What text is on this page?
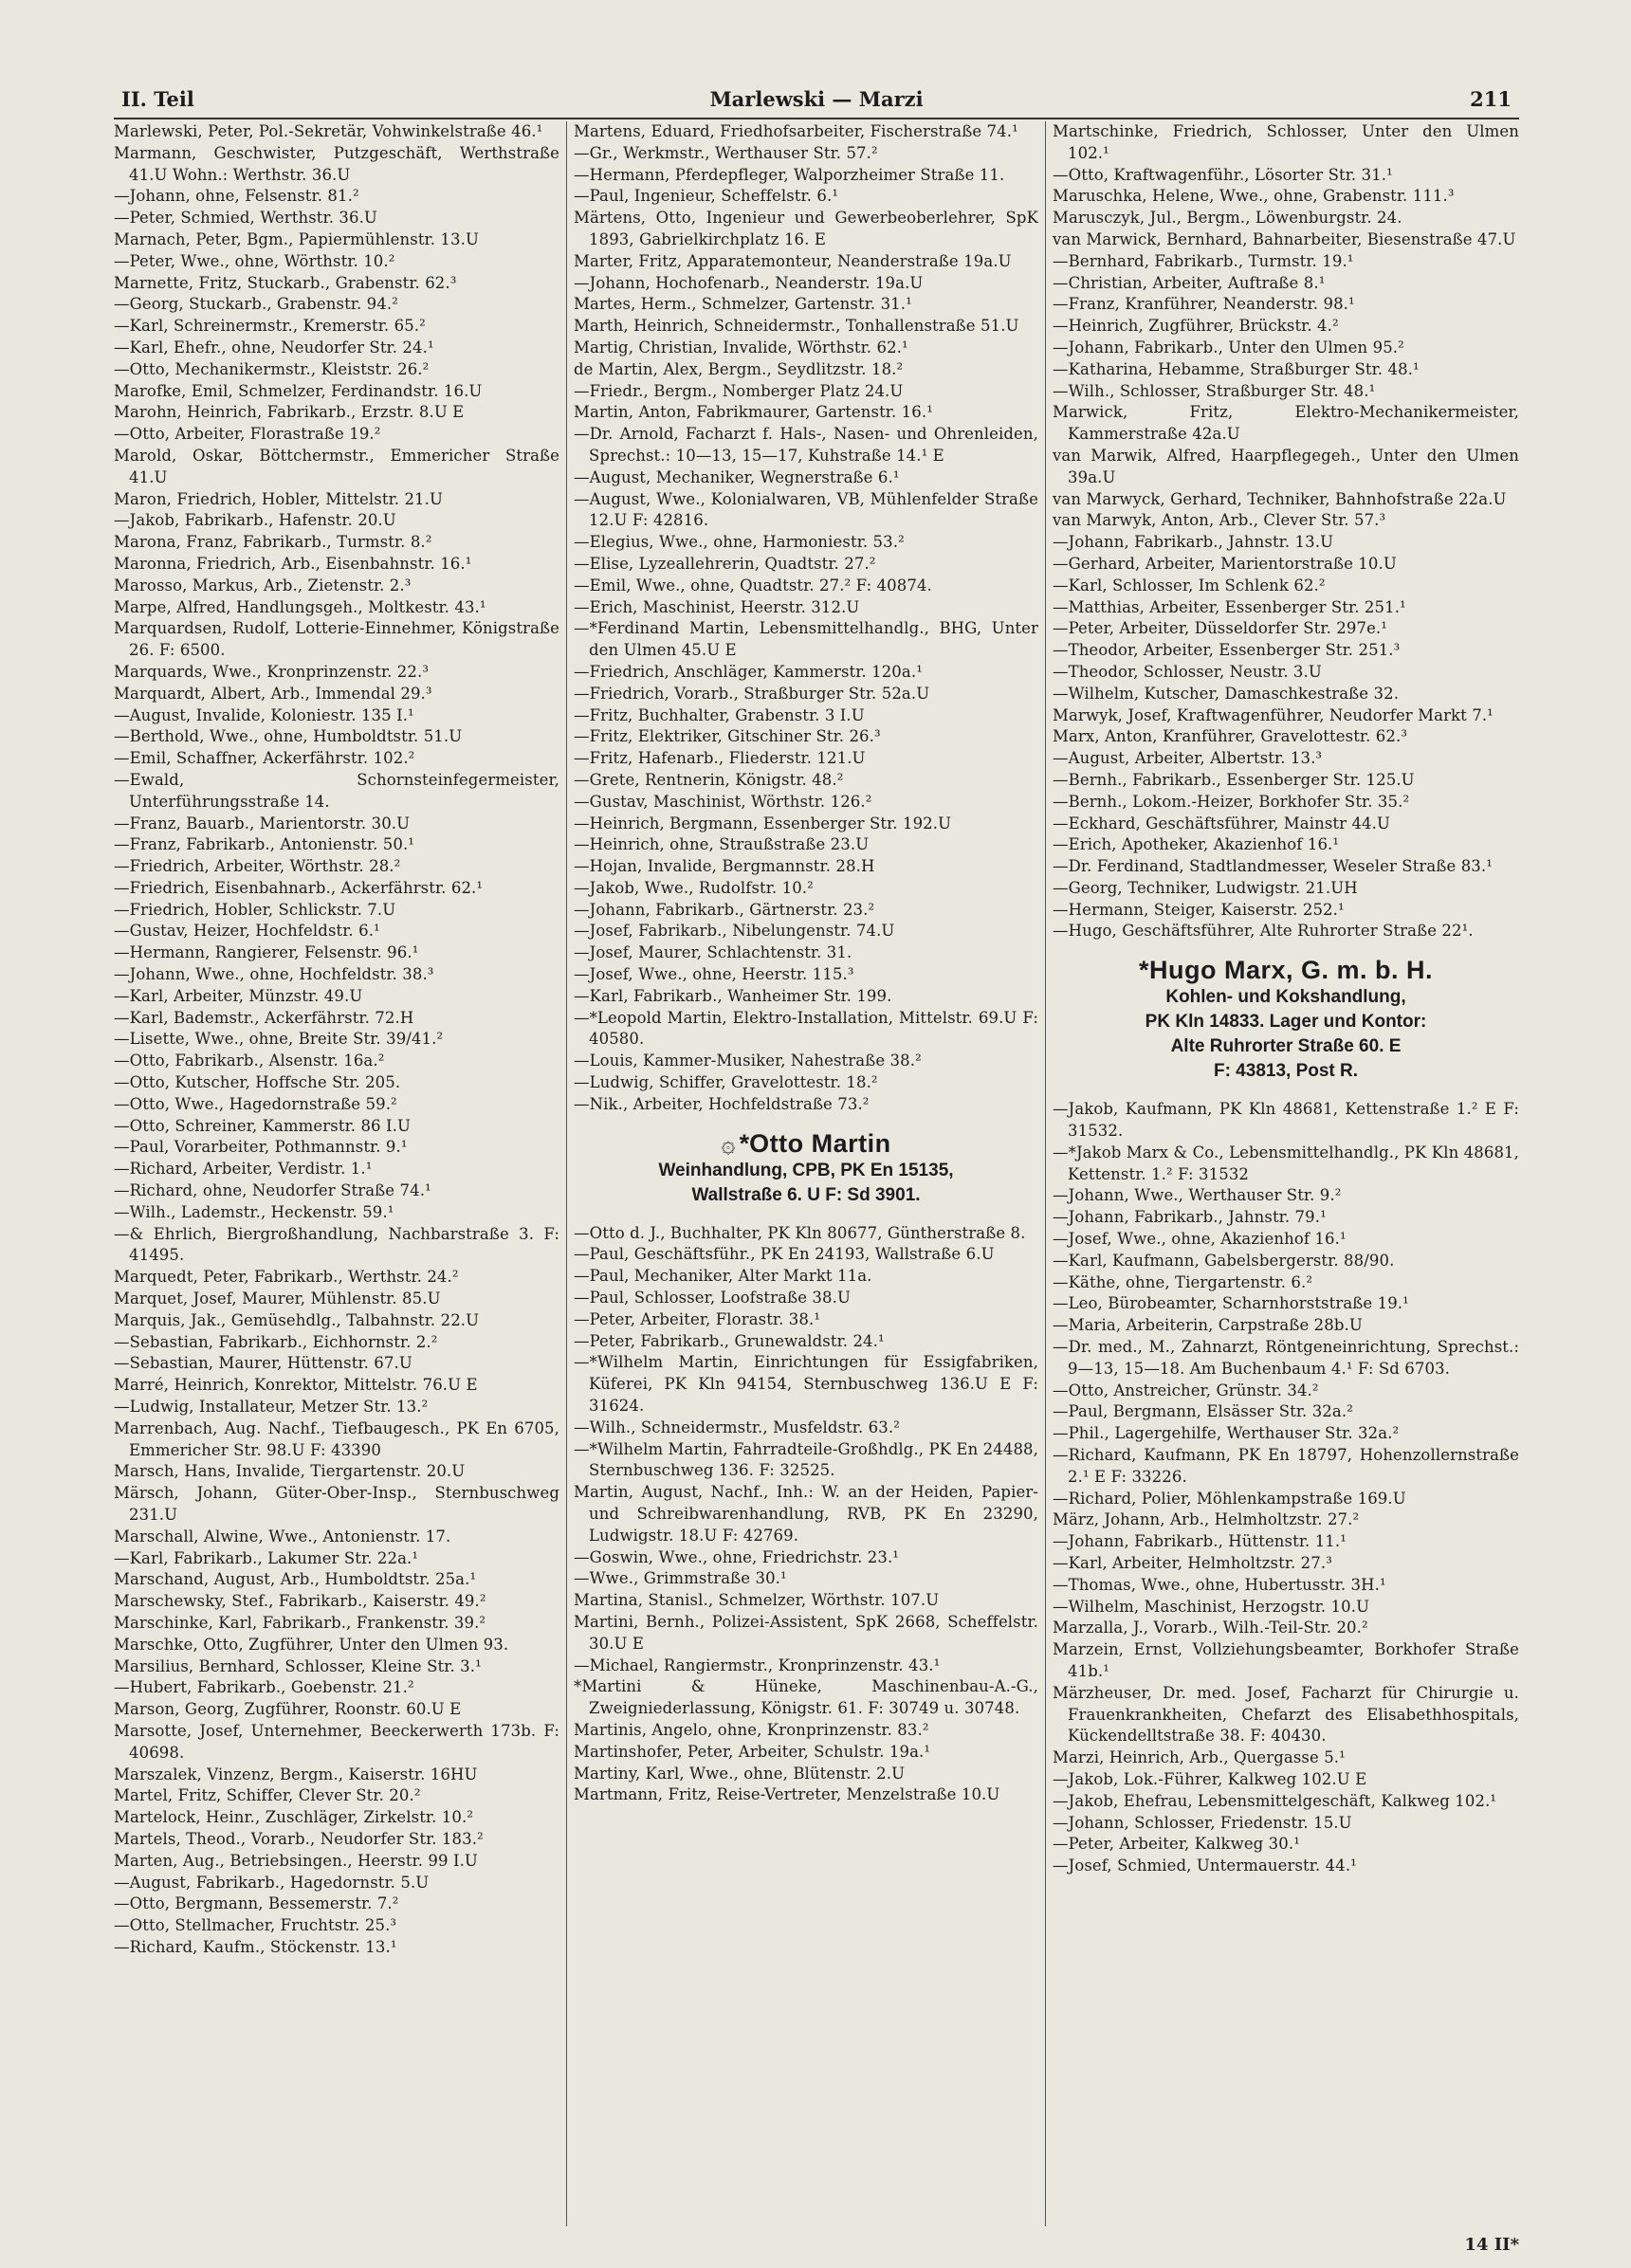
II. Teil	Marlewski — Marzi	211
Marlewski, Peter, Pol.-Sekretär, Vohwinkelstraße 46.¹
Marmann, Geschwister, Putzgeschäft, Werthstraße 41.U Wohn.: Werthstr. 36.U
—Johann, ohne, Felsenstr. 81.²
—Peter, Schmied, Werthstr. 36.U
Marnach, Peter, Bgm., Papiermühlenstr. 13.U
—Peter, Wwe., ohne, Wörthstr. 10.²
Marnette, Fritz, Stuckarb., Grabenstr. 62.³
—Georg, Stuckarb., Grabenstr. 94.²
—Karl, Schreinermstr., Kremerstr. 65.²
—Karl, Ehefr., ohne, Neudorfer Str. 24.¹
—Otto, Mechanikermstr., Kleiststr. 26.²
Marofke, Emil, Schmelzer, Ferdinandstr. 16.U
Marohn, Heinrich, Fabrikarb., Erzstr. 8.U E
—Otto, Arbeiter, Florastraße 19.²
Marold, Oskar, Böttchermstr., Emmericher Straße 41.U
Maron, Friedrich, Hobler, Mittelstr. 21.U
—Jakob, Fabrikarb., Hafenstr. 20.U
Marona, Franz, Fabrikarb., Turmstr. 8.²
Maronna, Friedrich, Arb., Eisenbahnstr. 16.¹
Marosso, Markus, Arb., Zietenstr. 2.³
Marpe, Alfred, Handlungsgeh., Moltkestr. 43.¹
Marquardsen, Rudolf, Lotterie-Einnehmer, Königstraße 26. F: 6500.
Marquards, Wwe., Kronprinzenstr. 22.³
Marquardt, Albert, Arb., Immendal 29.³
—August, Invalide, Koloniestr. 135 I.¹
—Berthold, Wwe., ohne, Humboldtstr. 51.U
—Emil, Schaffner, Ackerfährstr. 102.²
—Ewald, Schornsteinfegermeister, Unterführungsstraße 14.
—Franz, Bauarb., Marientorstr. 30.U
—Franz, Fabrikarb., Antonienstr. 50.¹
—Friedrich, Arbeiter, Wörthstr. 28.²
—Friedrich, Eisenbahnarb., Ackerfährstr. 62.¹
—Friedrich, Hobler, Schlickstr. 7.U
—Gustav, Heizer, Hochfeldstr. 6.¹
—Hermann, Rangierer, Felsenstr. 96.¹
—Johann, Wwe., ohne, Hochfeldstr. 38.³
—Karl, Arbeiter, Münzstr. 49.U
—Karl, Bademstr., Ackerfährstr. 72.H
—Lisette, Wwe., ohne, Breite Str. 39/41.²
—Otto, Fabrikarb., Alsenstr. 16a.²
—Otto, Kutscher, Hoffsche Str. 205.
—Otto, Wwe., Hagedornstraße 59.²
—Otto, Schreiner, Kammerstr. 86 I.U
—Paul, Vorarbeiter, Pothmannstr. 9.¹
—Richard, Arbeiter, Verdistr. 1.¹
—Richard, ohne, Neudorfer Straße 74.¹
—Wilh., Lademstr., Heckenstr. 59.¹
—& Ehrlich, Biergroßhandlung, Nachbarstraße 3. F: 41495.
Marquedt, Peter, Fabrikarb., Werthstr. 24.²
Marquet, Josef, Maurer, Mühlenstr. 85.U
Marquis, Jak., Gemüsehdlg., Talbahnstr. 22.U
—Sebastian, Fabrikarb., Eichhornstr. 2.²
—Sebastian, Maurer, Hüttenstr. 67.U
Marré, Heinrich, Konrektor, Mittelstr. 76.U E
—Ludwig, Installateur, Metzer Str. 13.²
Marrenbach, Aug. Nachf., Tiefbaugesch., PK En 6705, Emmericher Str. 98.U F: 43390
Marsch, Hans, Invalide, Tiergartenstr. 20.U
Märsch, Johann, Güter-Ober-Insp., Sternbuschweg 231.U
Marschall, Alwine, Wwe., Antonienstr. 17.
—Karl, Fabrikarb., Lakumer Str. 22a.¹
Marschand, August, Arb., Humboldtstr. 25a.¹
Marschewsky, Stef., Fabrikarb., Kaiserstr. 49.²
Marschinke, Karl, Fabrikarb., Frankenstr. 39.²
Marschke, Otto, Zugführer, Unter den Ulmen 93.
Marsilius, Bernhard, Schlosser, Kleine Str. 3.¹
—Hubert, Fabrikarb., Goebenstr. 21.²
Marson, Georg, Zugführer, Roonstr. 60.U E
Marsotte, Josef, Unternehmer, Beeckerwerth 173b. F: 40698.
Marszalek, Vinzenz, Bergm., Kaiserstr. 16HU
Martel, Fritz, Schiffer, Clever Str. 20.²
Martelock, Heinr., Zuschläger, Zirkelstr. 10.²
Martels, Theod., Vorarb., Neudorfer Str. 183.²
Marten, Aug., Betriebsingen., Heerstr. 99 I.U
—August, Fabrikarb., Hagedornstr. 5.U
—Otto, Bergmann, Bessemerstr. 7.²
—Otto, Stellmacher, Fruchtstr. 25.³
—Richard, Kaufm., Stöckenstr. 13.¹
Martens, Eduard, Friedhofsarbeiter, Fischerstraße 74.¹
—Gr., Werkmstr., Werthauser Str. 57.²
—Hermann, Pferdepfleger, Walporzheimer Straße 11.
—Paul, Ingenieur, Scheffelstr. 6.¹
Märtens, Otto, Ingenieur und Gewerbeoberlehrer, SpK 1893, Gabrielkirchplatz 16. E
Marter, Fritz, Apparatemonteur, Neanderstraße 19a.U
—Johann, Hochofenarb., Neanderstr. 19a.U
Martes, Herm., Schmelzer, Gartenstr. 31.¹
Marth, Heinrich, Schneidermstr., Tonhallenstraße 51.U
Martig, Christian, Invalide, Wörthstr. 62.¹
de Martin, Alex, Bergm., Seydlitzstr. 18.²
—Friedr., Bergm., Nomberger Platz 24.U
Martin, Anton, Fabrikmaurer, Gartenstr. 16.¹
—Dr. Arnold, Facharzt f. Hals-, Nasen- und Ohrenleiden, Sprechst.: 10—13, 15—17, Kuhstraße 14.¹ E
—August, Mechaniker, Wegnerstraße 6.¹
—August, Wwe., Kolonialwaren, VB, Mühlenfelder Straße 12.U F: 42816.
—Elegius, Wwe., ohne, Harmoniestr. 53.²
—Elise, Lyzeallehrerin, Quadtstr. 27.²
—Emil, Wwe., ohne, Quadtstr. 27.² F: 40874.
—Erich, Maschinist, Heerstr. 312.U
—*Ferdinand Martin, Lebensmittelhandlg., BHG, Unter den Ulmen 45.U E
—Friedrich, Anschläger, Kammerstr. 120a.¹
—Friedrich, Vorarb., Straßburger Str. 52a.U
—Fritz, Buchhalter, Grabenstr. 3 I.U
—Fritz, Elektriker, Gitschiner Str. 26.³
—Fritz, Hafenarb., Fliederstr. 121.U
—Grete, Rentnerin, Königstr. 48.²
—Gustav, Maschinist, Wörthstr. 126.²
—Heinrich, Bergmann, Essenberger Str. 192.U
—Heinrich, ohne, Straußstraße 23.U
—Hojan, Invalide, Bergmannstr. 28.H
—Jakob, Wwe., Rudolfstr. 10.²
—Johann, Fabrikarb., Gärtnerstr. 23.²
—Josef, Fabrikarb., Nibelungenstr. 74.U
—Josef, Maurer, Schlachtenstr. 31.
—Josef, Wwe., ohne, Heerstr. 115.³
—Karl, Fabrikarb., Wanheimer Str. 199.
—*Leopold Martin, Elektro-Installation, Mittelstr. 69.U F: 40580.
—Louis, Kammer-Musiker, Nahestraße 38.²
—Ludwig, Schiffer, Gravelottestr. 18.²
—Nik., Arbeiter, Hochfeldstraße 73.²
۞ *Otto Martin
Weinhandlung, CPB, PK En 15135,
Wallstraße 6. U F: Sd 3901.
—Otto d. J., Buchhalter, PK Kln 80677, Güntherstraße 8.
—Paul, Geschäftsführ., PK En 24193, Wallstraße 6.U
—Paul, Mechaniker, Alter Markt 11a.
—Paul, Schlosser, Loofstraße 38.U
—Peter, Arbeiter, Florastr. 38.¹
—Peter, Fabrikarb., Grunewaldstr. 24.¹
—*Wilhelm Martin, Einrichtungen für Essigfabriken, Küferei, PK Kln 94154, Sternbuschweg 136.U E F: 31624.
—Wilh., Schneidermstr., Musfeldstr. 63.²
—*Wilhelm Martin, Fahrradteile-Großhdlg., PK En 24488, Sternbuschweg 136. F: 32525.
Martin, August, Nachf., Inh.: W. an der Heiden, Papier- und Schreibwarenhandlung, RVB, PK En 23290, Ludwigstr. 18.U F: 42769.
—Goswin, Wwe., ohne, Friedrichstr. 23.¹
—Wwe., Grimmstraße 30.¹
Martina, Stanisl., Schmelzer, Wörthstr. 107.U
Martini, Bernh., Polizei-Assistent, SpK 2668, Scheffelstr. 30.U E
—Michael, Rangiermstr., Kronprinzenstr. 43.¹
*Martini & Hüneke, Maschinenbau-A.-G., Zweigniederlassung, Königstr. 61. F: 30749 u. 30748.
Martinis, Angelo, ohne, Kronprinzenstr. 83.²
Martinshofer, Peter, Arbeiter, Schulstr. 19a.¹
Martiny, Karl, Wwe., ohne, Blütenstr. 2.U
Martmann, Fritz, Reise-Vertreter, Menzelstraße 10.U
Martschinke, Friedrich, Schlosser, Unter den Ulmen 102.¹
—Otto, Kraftwagenführ., Lösorter Str. 31.¹
Maruschka, Helene, Wwe., ohne, Grabenstr. 111.³
Marusczyk, Jul., Bergm., Löwenburgstr. 24.
van Marwick, Bernhard, Bahnarbeiter, Biesenstraße 47.U
—Bernhard, Fabrikarb., Turmstr. 19.¹
—Christian, Arbeiter, Auftraße 8.¹
—Franz, Kranführer, Neanderstr. 98.¹
—Heinrich, Zugführer, Brückstr. 4.²
—Johann, Fabrikarb., Unter den Ulmen 95.²
—Katharina, Hebamme, Straßburger Str. 48.¹
—Wilh., Schlosser, Straßburger Str. 48.¹
Marwick, Fritz, Elektro-Mechanikermeister, Kammerstraße 42a.U
van Marwik, Alfred, Haarpflegegeh., Unter den Ulmen 39a.U
van Marwyck, Gerhard, Techniker, Bahnhofstraße 22a.U
van Marwyk, Anton, Arb., Clever Str. 57.³
—Johann, Fabrikarb., Jahnstr. 13.U
—Gerhard, Arbeiter, Marientorstraße 10.U
—Karl, Schlosser, Im Schlenk 62.²
—Matthias, Arbeiter, Essenberger Str. 251.¹
—Peter, Arbeiter, Düsseldorfer Str. 297e.¹
—Theodor, Arbeiter, Essenberger Str. 251.³
—Theodor, Schlosser, Neustr. 3.U
—Wilhelm, Kutscher, Damaschkestraße 32.
Marwyk, Josef, Kraftwagenführer, Neudorfer Markt 7.¹
Marx, Anton, Kranführer, Gravelottestr. 62.³
—August, Arbeiter, Albertstr. 13.³
—Bernh., Fabrikarb., Essenberger Str. 125.U
—Bernh., Lokom.-Heizer, Borkhofer Str. 35.²
—Eckhard, Geschäftsführer, Mainstr 44.U
—Erich, Apotheker, Akazienhof 16.¹
—Dr. Ferdinand, Stadtlandmesser, Weseler Straße 83.¹
—Georg, Techniker, Ludwigstr. 21.UH
—Hermann, Steiger, Kaiserstr. 252.¹
—Hugo, Geschäftsführer, Alte Ruhrorter Straße 22¹.
*Hugo Marx, G. m. b. H.
Kohlen- und Kokshandlung,
PK Kln 14833. Lager und Kontor:
Alte Ruhrorter Straße 60. E
F: 43813, Post R.
—Jakob, Kaufmann, PK Kln 48681, Kettenstraße 1.² E F: 31532.
—*Jakob Marx & Co., Lebensmittelhandlg., PK Kln 48681, Kettenstr. 1.² F: 31532
—Johann, Wwe., Werthauser Str. 9.²
—Johann, Fabrikarb., Jahnstr. 79.¹
—Josef, Wwe., ohne, Akazienhof 16.¹
—Karl, Kaufmann, Gabelsbergerstr. 88/90.
—Käthe, ohne, Tiergartenstr. 6.²
—Leo, Bürobeamter, Scharnhorststraße 19.¹
—Maria, Arbeiterin, Carpstraße 28b.U
—Dr. med., M., Zahnarzt, Röntgeneinrichtung, Sprechst.: 9—13, 15—18. Am Buchenbaum 4.¹ F: Sd 6703.
—Otto, Anstreicher, Grünstr. 34.²
—Paul, Bergmann, Elsässer Str. 32a.²
—Phil., Lagergehilfe, Werthauser Str. 32a.²
—Richard, Kaufmann, PK En 18797, Hohenzollernstraße 2.¹ E F: 33226.
—Richard, Polier, Möhlenkampstraße 169.U
März, Johann, Arb., Helmholtzstr. 27.²
—Johann, Fabrikarb., Hüttenstr. 11.¹
—Karl, Arbeiter, Helmholtzstr. 27.³
—Thomas, Wwe., ohne, Hubertusstr. 3H.¹
—Wilhelm, Maschinist, Herzogstr. 10.U
Marzalla, J., Vorarb., Wilh.-Teil-Str. 20.²
Marzein, Ernst, Vollziehungsbeamter, Borkhofer Straße 41b.¹
Märzheuser, Dr. med. Josef, Facharzt für Chirurgie u. Frauenkrankheiten, Chefarzt des Elisabethhospitals, Kückendelltstraße 38. F: 40430.
Marzi, Heinrich, Arb., Quergasse 5.¹
—Jakob, Lok.-Führer, Kalkweg 102.U E
—Jakob, Ehefrau, Lebensmittelgeschäft, Kalkweg 102.¹
—Johann, Schlosser, Friedenstr. 15.U
—Peter, Arbeiter, Kalkweg 30.¹
—Josef, Schmied, Untermauerstr. 44.¹
14 II*
